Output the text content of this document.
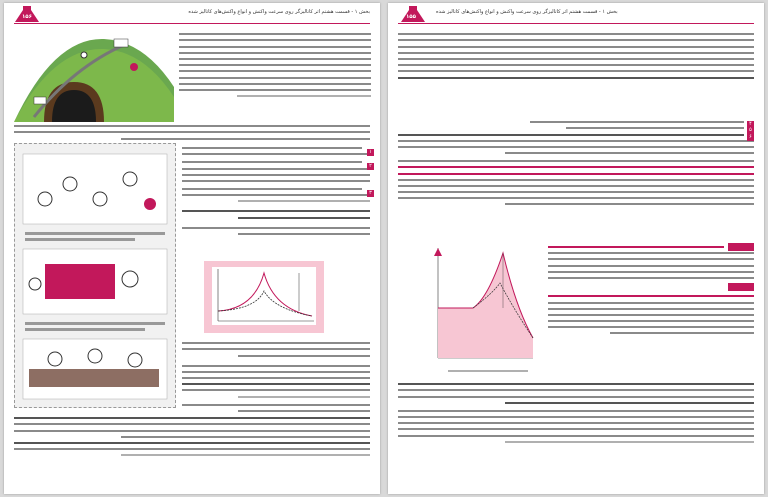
۱۵۶
بخش ۱ - قسمت هشتم اثر کاتالیزگر روی سرعت واکنش و انواع واکنش‌های کاتالیز شده
۱
۲
۳
۱۵۵
بخش ۱ - قسمت هشتم اثر کاتالیزگر روی سرعت واکنش و انواع واکنش‌های کاتالیز شده
۴
۵
۶
